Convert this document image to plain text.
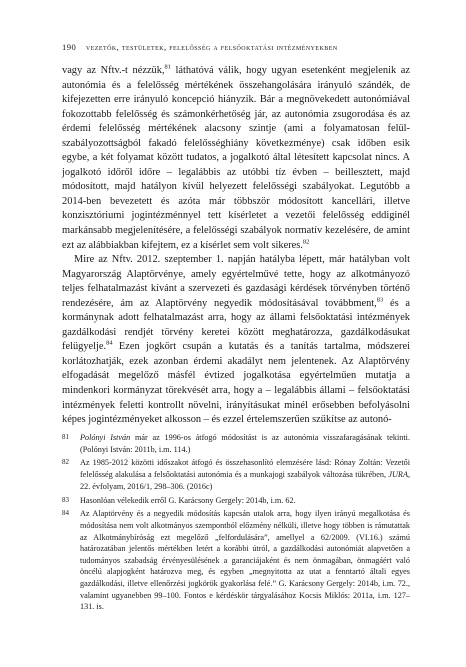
190 vezetők, testületek, felelősség a felsőoktatási intézményekben

vagy az Nftv.-t nézzük,$^{81}$ láthatóvá válik, hogy ugyan esetenként megjelenik az autonómia és a felelősség mértékének összehangolására irányuló szándék, de kifejezetten erre irányuló koncepció hiányzik. Bár a megnövekedett autonómiával fokozottabb felelősség és számonkérhetőség jár, az autonómia zsugorodása és az érdemi felelősség mértékének alacsony szintje (ami a folyamatosan felül-szabályozottságból fakadó felelősséghiány következménye) csak időben esik egybe, a két folyamat között tudatos, a jogalkotó által létesített kapcsolat nincs. A jogalkotó időről időre – legalábbis az utóbbi tíz évben – beillesztett, majd módosított, majd hatályon kívül helyezett felelősségi szabályokat. Legutóbb a 2014-ben bevezetett és azóta már többször módosított kancellári, illetve konzisztóriumi jogintézménnyel tett kísérletet a vezetői felelősség eddiginél markánsabb megjelenítésére, a felelősségi szabályok normatív kezelésére, de amint ezt az alábbiakban kifejtem, ez a kísérlet sem volt sikeres.$^{82}$

Mire az Nftv. 2012. szeptember 1. napján hatályba lépett, már hatályban volt Magyarország Alaptörvénye, amely egyértelművé tette, hogy az alkotmányozó teljes felhatalmazást kívánt a szervezeti és gazdasági kérdések törvényben történő rendezésére, ám az Alaptörvény negyedik módosításával továbbment,$^{83}$ és a kormánynak adott felhatalmazást arra, hogy az állami felsőoktatási intézmények gazdálkodási rendjét törvény keretei között meghatározza, gazdálkodásukat felügyelje.$^{84}$ Ezen jogkört csupán a kutatás és a tanítás tartalma, módszerei korlátozhatják, ezek azonban érdemi akadályt nem jelentenek. Az Alaptörvény elfogadását megelőző másfél évtized jogalkotása egyértelműen mutatja a mindenkori kormányzat törekvését arra, hogy a – legalábbis állami – felsőoktatási intézmények feletti kontrollt növelni, irányításukat minél erősebben befolyásolni képes jogintézményeket alkosson – és ezzel értelemszerűen szűkítse az autonó-

81 Polónyi István már az 1996-os átfogó módosítást is az autonómia visszafaragásának tekinti. (Polónyi István: 2011b, i.m. 114.)
82 Az 1985-2012 közötti időszakot átfogó és összehasonlító elemzésére lásd: Rónay Zoltán: Vezetői felelősség alakulása a felsőoktatási autonómia és a munkajogi szabályok változása tükrében, JURA, 22. évfolyam, 2016/1, 298–306. (2016c)
83 Hasonlóan vélekedik erről G. Karácsony Gergely: 2014b, i.m. 62.
84 Az Alaptörvény és a negyedik módosítás kapcsán utalok arra, hogy ilyen irányú megalkotása és módosítása nem volt alkotmányos szempontból előzmény nélküli, illetve hogy többen is rámutattak az Alkotmánybíróság ezt megelőző „felfordulására”, amellyel a 62/2009. (VI.16.) számú határozatában jelentős mértékben letért a korábbi útról, a gazdálkodási autonómiát alapvetően a tudományos szabadság érvényesülésének a garanciájaként és nem önmagában, önmagáért való öncélú alapjogként határozva meg, és egyben „megnyitotta az utat a fenntartó általi egyes gazdálkodási, illetve ellenőrzési jogkörök gyakorlása felé.” G. Karácsony Gergely: 2014b, i.m. 72., valamint ugyanebben 99–100. Fontos e kérdéskör tárgyalásához Kocsis Miklós: 2011a, i.m. 127–131. is.
